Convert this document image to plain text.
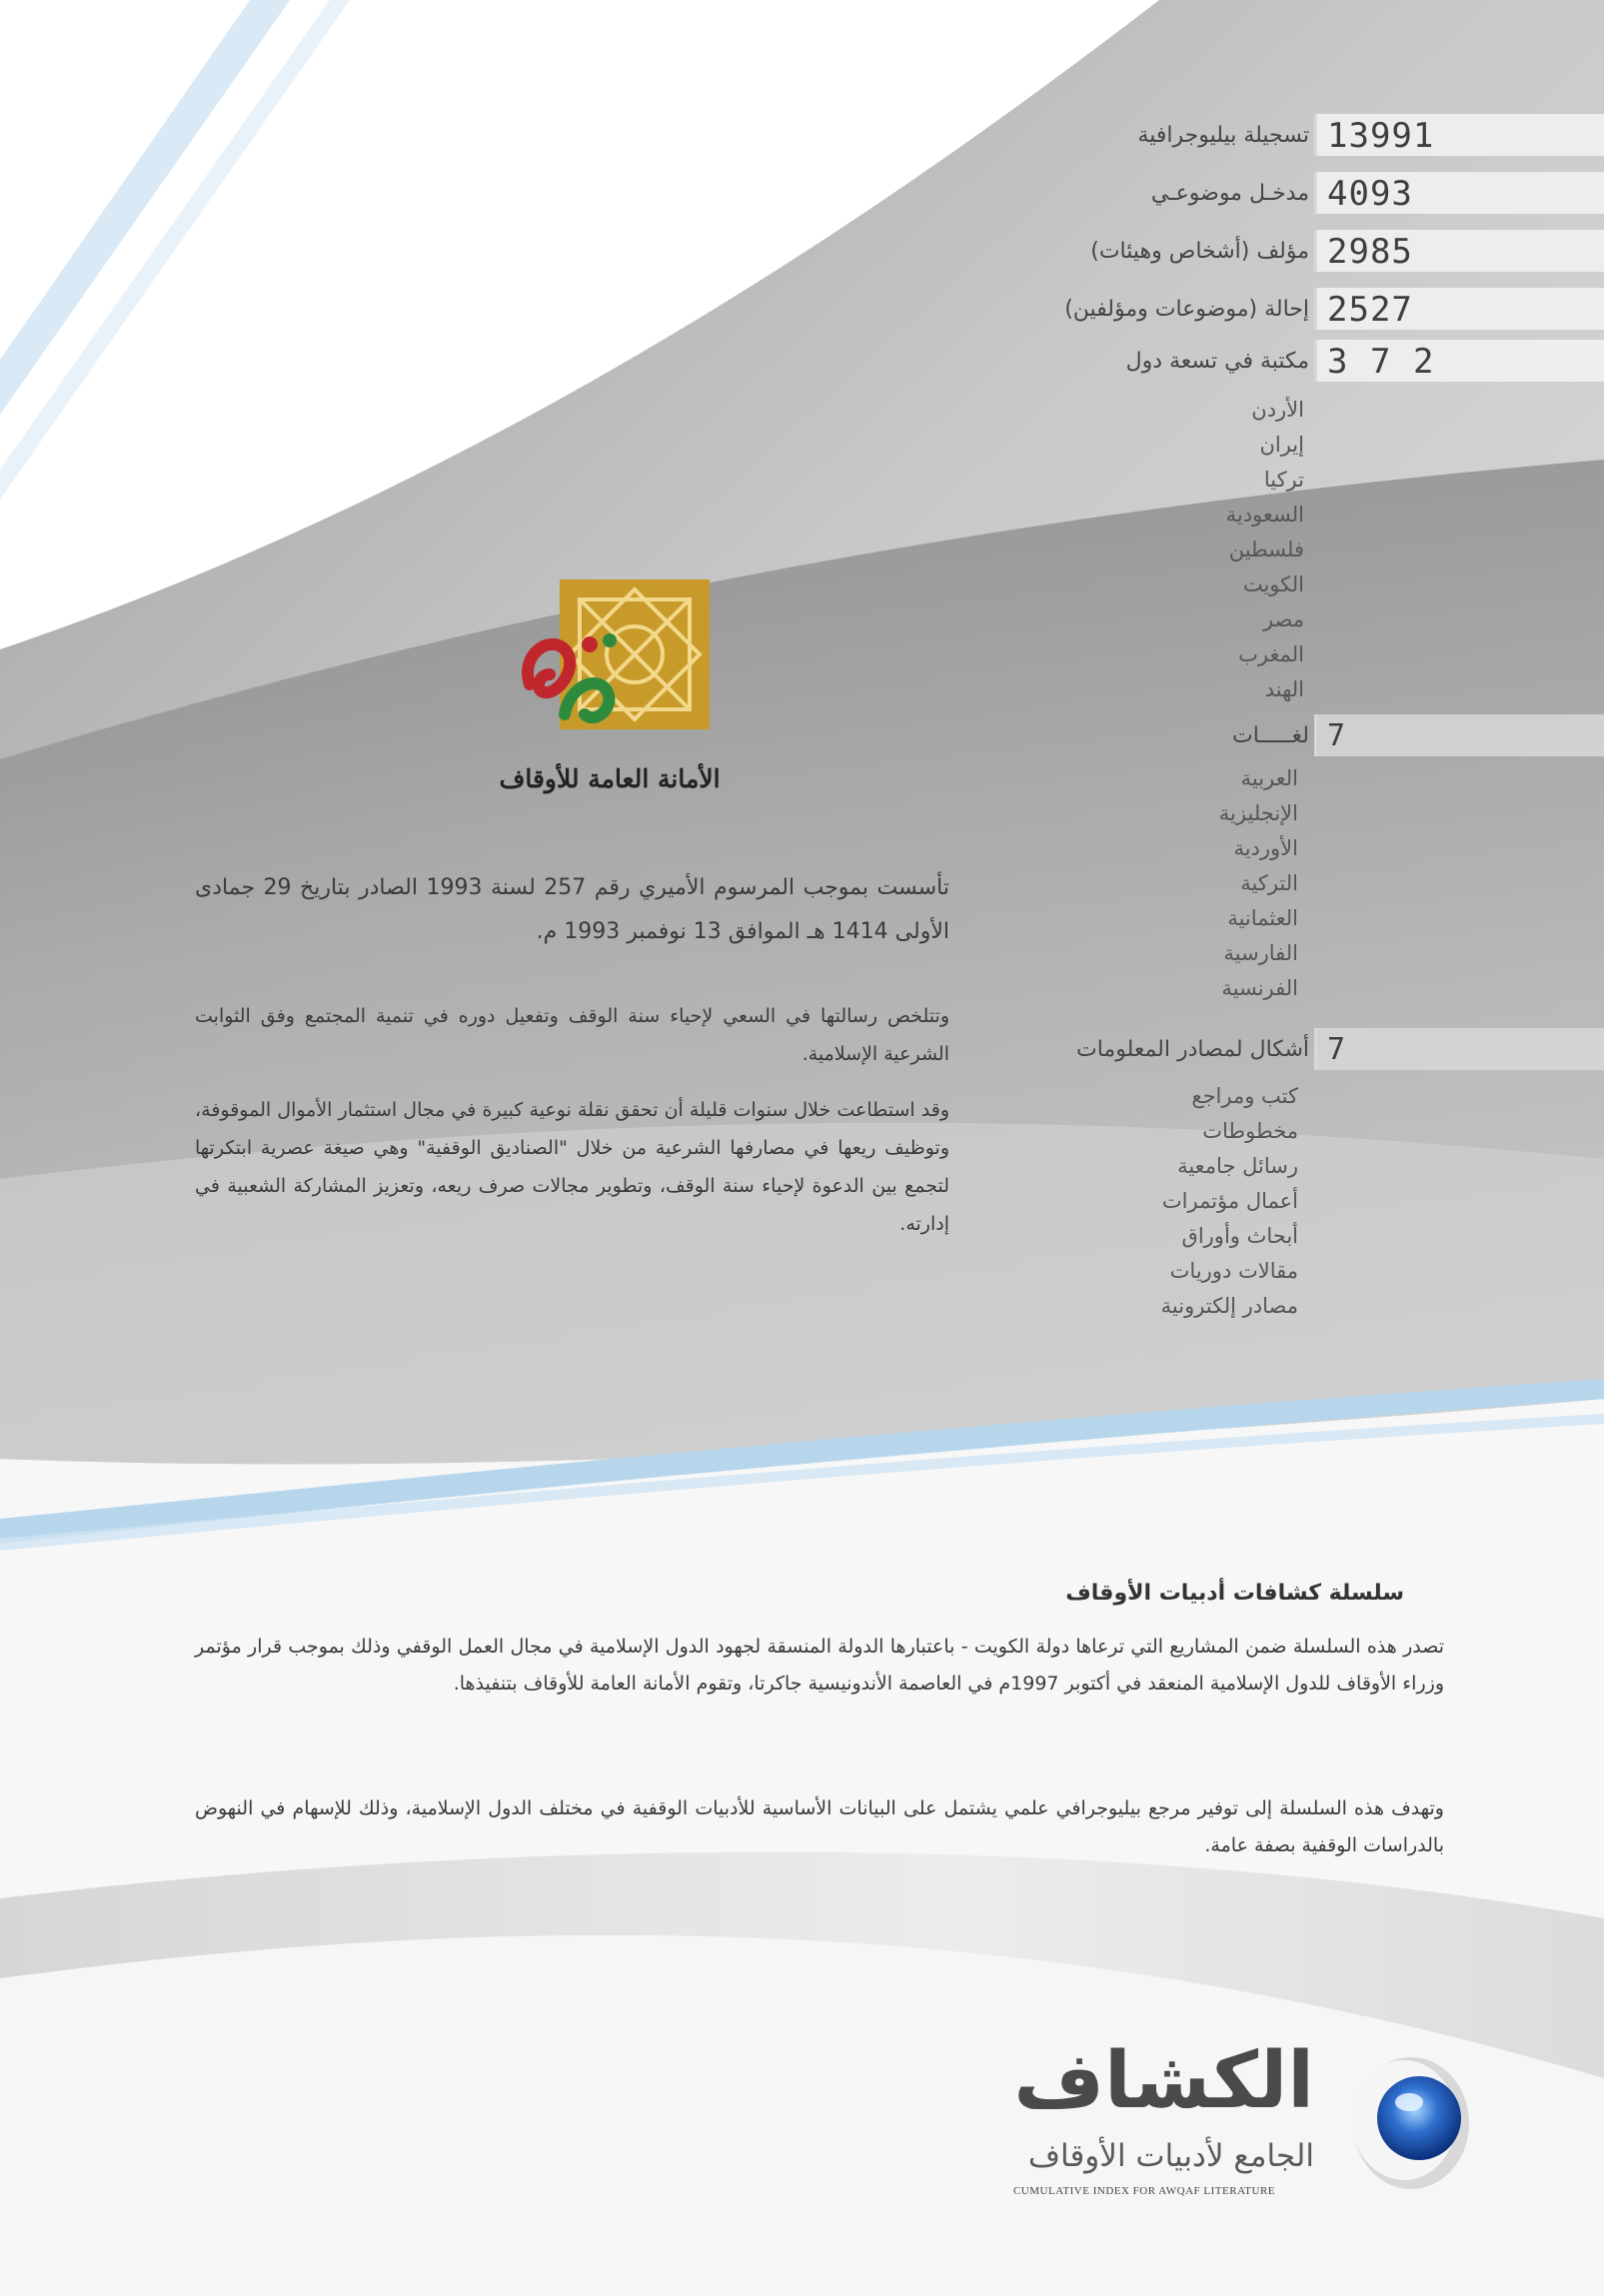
13991
تسجيلة بيليوجرافية
4093
مدخـل موضوعـي
2985
مؤلف (أشخاص وهيئات)
2527
إحالة (موضوعات ومؤلفين)
2 7 3
مكتبة في تسعة دول
الأردن
إيران
تركيا
السعودية
فلسطين
الكويت
مصر
المغرب
الهند
7
لغـــــات
العربية
الإنجليزية
الأوردية
التركية
العثمانية
الفارسية
الفرنسية
7
أشكال لمصادر المعلومات
كتب ومراجع
مخطوطات
رسائل جامعية
أعمال مؤتمرات
أبحاث وأوراق
مقالات دوريات
مصادر إلكترونية
الأمانة العامة للأوقاف
تأسست بموجب المرسوم الأميري رقم 257 لسنة 1993 الصادر بتاريخ 29 جمادى الأولى 1414 هـ الموافق 13 نوفمبر 1993 م.
وتتلخص رسالتها في السعي لإحياء سنة الوقف وتفعيل دوره في تنمية المجتمع وفق الثوابت الشرعية الإسلامية.
وقد استطاعت خلال سنوات قليلة أن تحقق نقلة نوعية كبيرة في مجال استثمار الأموال الموقوفة، وتوظيف ريعها في مصارفها الشرعية من خلال "الصناديق الوقفية" وهي صيغة عصرية ابتكرتها لتجمع بين الدعوة لإحياء سنة الوقف، وتطوير مجالات صرف ريعه، وتعزيز المشاركة الشعبية في إدارته.
سلسلة كشافات أدبيات الأوقاف
تصدر هذه السلسلة ضمن المشاريع التي ترعاها دولة الكويت - باعتبارها الدولة المنسقة لجهود الدول الإسلامية في مجال العمل الوقفي وذلك بموجب قرار مؤتمر وزراء الأوقاف للدول الإسلامية المنعقد في أكتوبر 1997م في العاصمة الأندونيسية جاكرتا، وتقوم الأمانة العامة للأوقاف بتنفيذها.
وتهدف هذه السلسلة إلى توفير مرجع بيليوجرافي علمي يشتمل على البيانات الأساسية للأدبيات الوقفية في مختلف الدول الإسلامية، وذلك للإسهام في النهوض بالدراسات الوقفية بصفة عامة.
الكشاف
الجامع لأدبيات الأوقاف
CUMULATIVE INDEX FOR AWQAF LITERATURE
